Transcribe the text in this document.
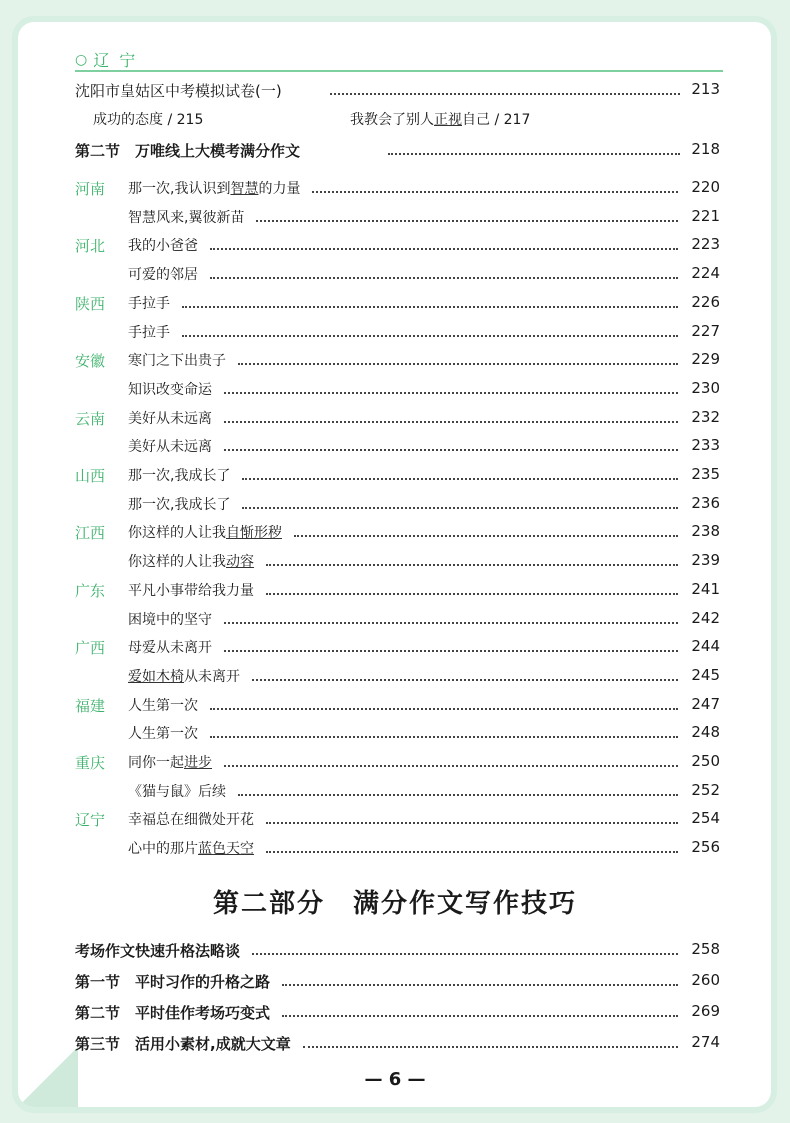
○ 辽宁
沈阳市皇姑区中考模拟试卷(一)	213
成功的态度 / 215	我教会了别人正视自己 / 217
第二节　万唯线上大模考满分作文	218
河南 那一次,我认识到智慧的力量	220
智慧风来,翼彼新苗	221
河北 我的小爸爸	223
可爱的邻居	224
陕西 手拉手	226
手拉手	227
安徽 寒门之下出贵子	229
知识改变命运	230
云南 美好从未远离	232
美好从未远离	233
山西 那一次,我成长了	235
那一次,我成长了	236
江西 你这样的人让我自惭形秽	238
你这样的人让我动容	239
广东 平凡小事带给我力量	241
困境中的坚守	242
广西 母爱从未离开	244
爱如木椅从未离开	245
福建 人生第一次	247
人生第一次	248
重庆 同你一起进步	250
《猫与鼠》后续	252
辽宁 幸福总在细微处开花	254
心中的那片蓝色天空	256
第二部分　满分作文写作技巧
考场作文快速升格法略谈	258
第一节　平时习作的升格之路	260
第二节　平时佳作考场巧变式	269
第三节　活用小素材,成就大文章	274
— 6 —
